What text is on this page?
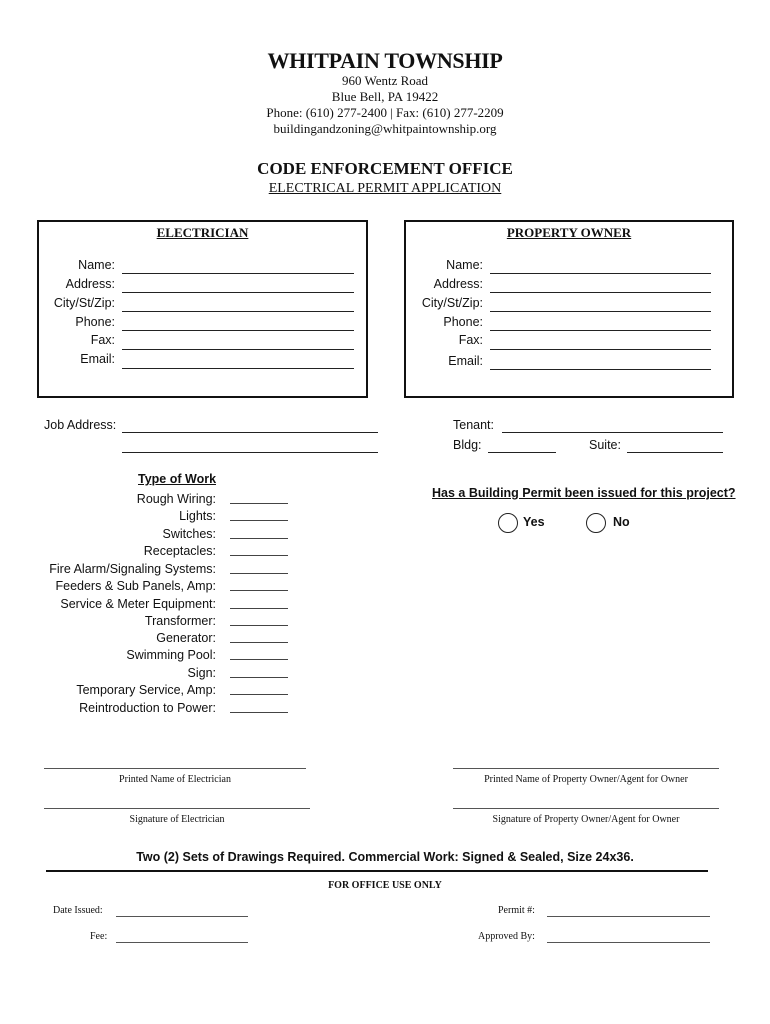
WHITPAIN TOWNSHIP
960 Wentz Road
Blue Bell, PA 19422
Phone: (610) 277-2400 | Fax: (610) 277-2209
buildingandzoning@whitpaintownship.org
CODE ENFORCEMENT OFFICE
ELECTRICAL PERMIT APPLICATION
ELECTRICIAN
Name:
Address:
City/St/Zip:
Phone:
Fax:
Email:
PROPERTY OWNER
Name:
Address:
City/St/Zip:
Phone:
Fax:
Email:
Job Address:	Tenant:
Bldg:	Suite:
Type of Work
Rough Wiring:
Lights:
Switches:
Receptacles:
Fire Alarm/Signaling Systems:
Feeders & Sub Panels, Amp:
Service & Meter Equipment:
Transformer:
Generator:
Swimming Pool:
Sign:
Temporary Service, Amp:
Reintroduction to Power:
Has a Building Permit been issued for this project?
Yes	No
Printed Name of Electrician	Printed Name of Property Owner/Agent for Owner
Signature of Electrician	Signature of Property Owner/Agent for Owner
Two (2) Sets of Drawings Required. Commercial Work: Signed & Sealed, Size 24x36.
FOR OFFICE USE ONLY
Date Issued:	Permit #:
Fee:	Approved By:
